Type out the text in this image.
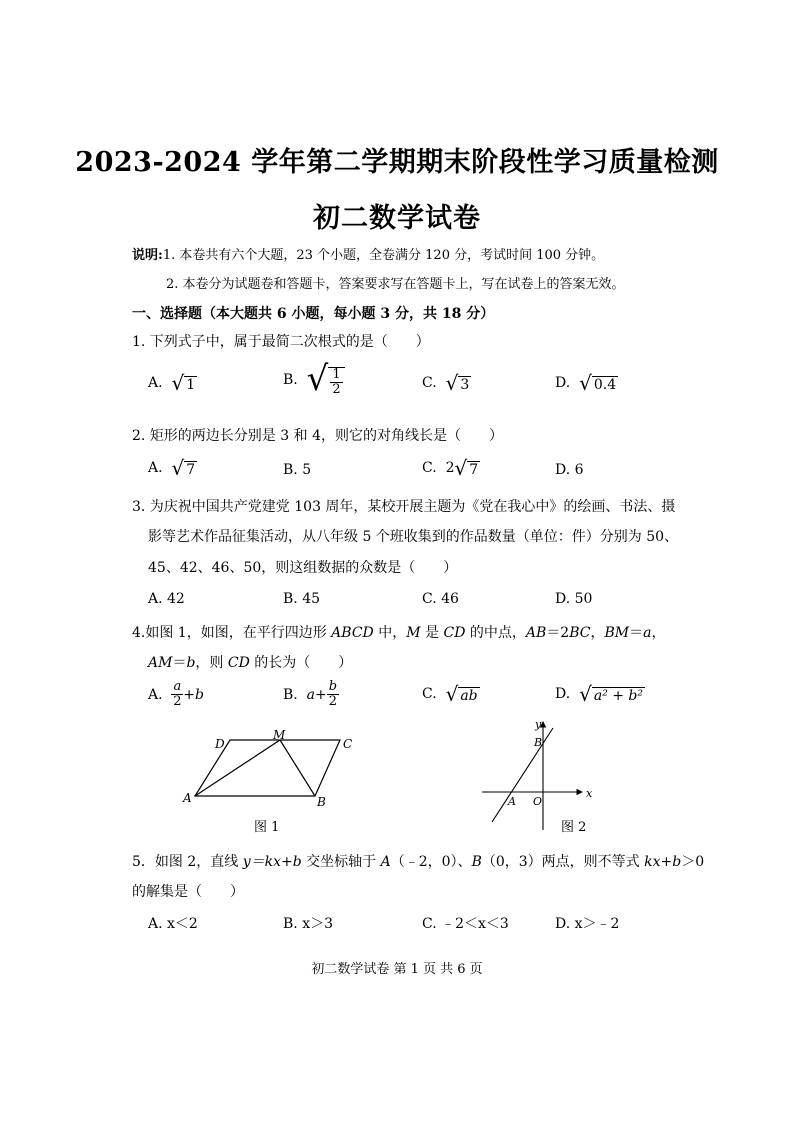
2023-2024 学年第二学期期末阶段性学习质量检测
初二数学试卷
说明:1. 本卷共有六个大题，23 个小题，全卷满分 120 分，考试时间 100 分钟。
2. 本卷分为试题卷和答题卡，答案要求写在答题卡上，写在试卷上的答案无效。
一、选择题（本大题共 6 小题，每小题 3 分，共 18 分）
1. 下列式子中，属于最简二次根式的是（　　）
A.
√ 1	B.
√ $\frac{1}{2}$	C.
√ 3	D.
√ 0.4
2. 矩形的两边长分别是 3 和 4，则它的对角线长是（　　）
A.
√ 7	B. 5	C.
2 √ 7	D. 6
3. 为庆祝中国共产党建党 103 周年，某校开展主题为《党在我心中》的绘画、书法、摄
影等艺术作品征集活动，从八年级 5 个班收集到的作品数量（单位：件）分别为 50、
45、42、46、50，则这组数据的众数是（　　）
A. 42	B. 45	C. 46	D. 50
4.如图 1，如图，在平行四边形 ABCD 中，M 是 CD 的中点，AB＝2BC，BM＝a，
AM＝b，则 CD 的长为（　　）
A.
$\frac{a}{2} +b$	B.
$a+ \frac{b}{2}$	C.
√ ab	D.
√ a² + b²
D
M
C
A	B
图 1
y
x
B
A O
图 2
5．如图 2，直线 y＝kx+b 交坐标轴于 A（﹣2，0）、B（0，3）两点，则不等式 kx+b＞0
的解集是（　　）
A. x＜2	B. x＞3	C. ﹣2＜x＜3	D. x＞﹣2
初二数学试卷 第 1 页 共 6 页
